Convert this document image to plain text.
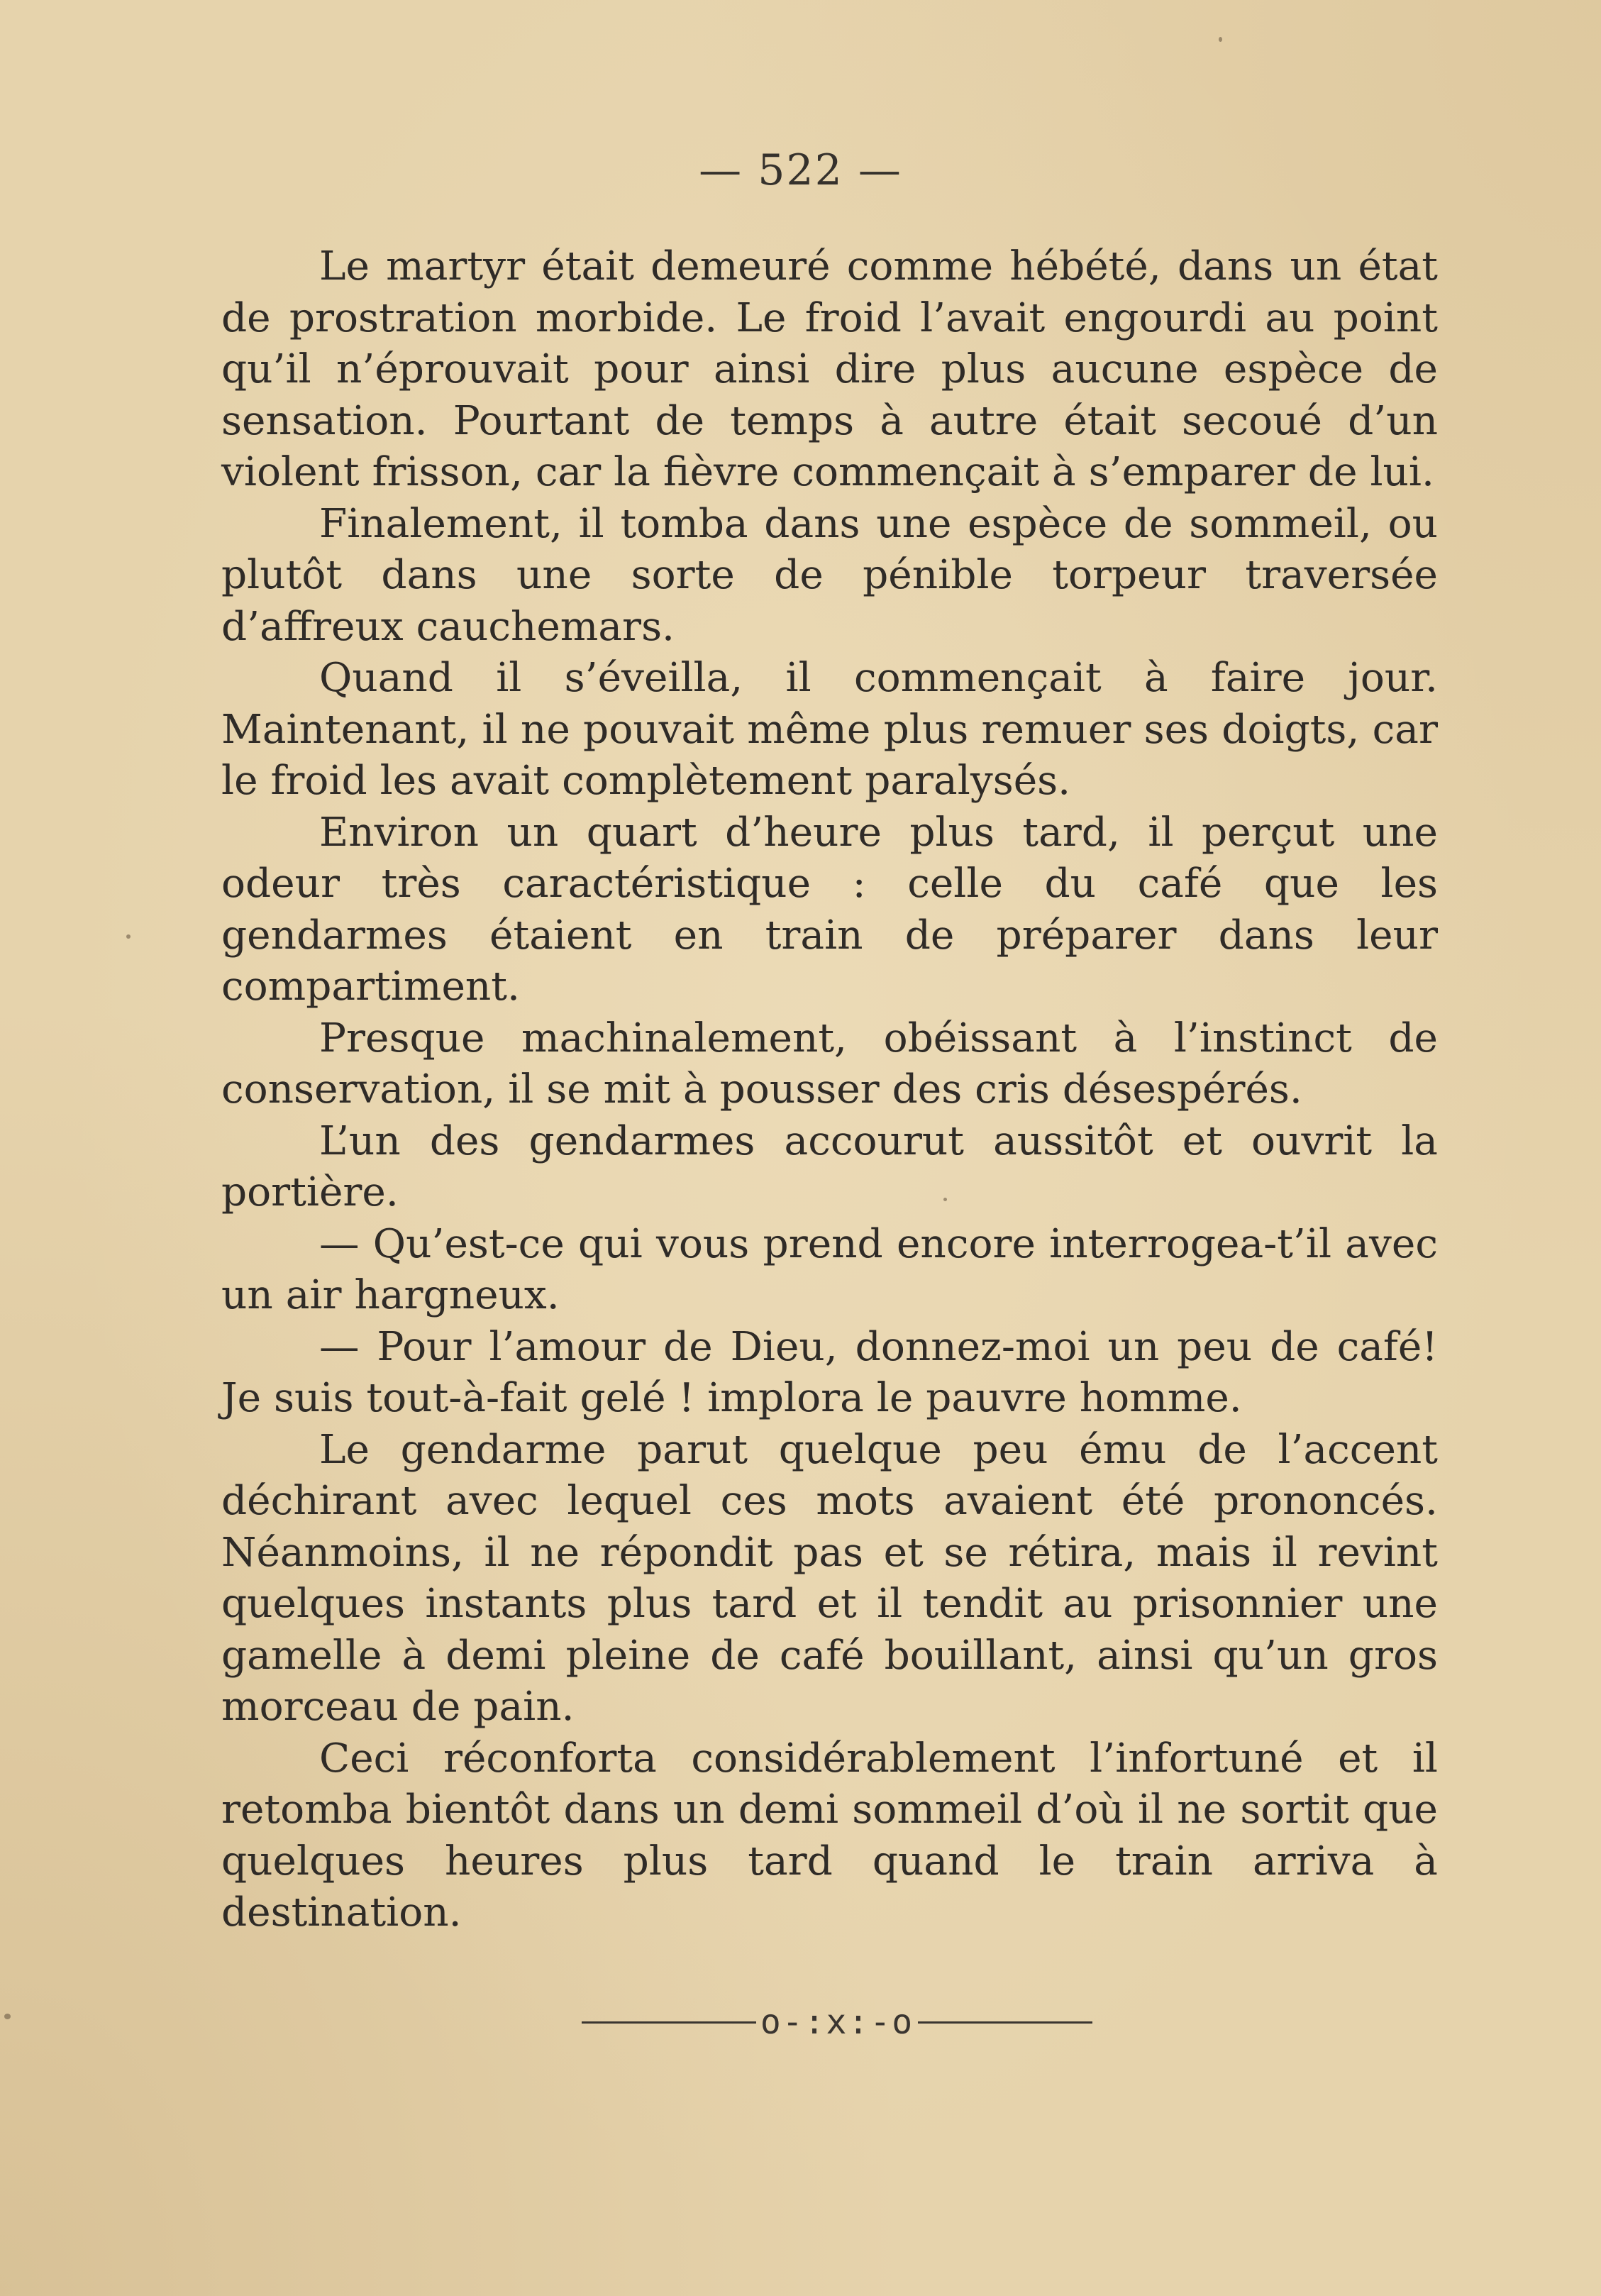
— 522 —

Le martyr était demeuré comme hébété, dans un état de prostration morbide. Le froid l’avait engourdi au point qu’il n’éprouvait pour ainsi dire plus aucune espèce de sensation. Pourtant de temps à autre était secoué d’un violent frisson, car la fièvre commençait à s’emparer de lui.

Finalement, il tomba dans une espèce de sommeil, ou plutôt dans une sorte de pénible torpeur traversée d’affreux cauchemars.

Quand il s’éveilla, il commençait à faire jour. Maintenant, il ne pouvait même plus remuer ses doigts, car le froid les avait complètement paralysés.

Environ un quart d’heure plus tard, il perçut une odeur très caractéristique : celle du café que les gendarmes étaient en train de préparer dans leur compartiment.

Presque machinalement, obéissant à l’instinct de conservation, il se mit à pousser des cris désespérés.

L’un des gendarmes accourut aussitôt et ouvrit la portière.

— Qu’est-ce qui vous prend encore interrogea-t’il avec un air hargneux.

— Pour l’amour de Dieu, donnez-moi un peu de café! Je suis tout-à-fait gelé ! implora le pauvre homme.

Le gendarme parut quelque peu ému de l’accent déchirant avec lequel ces mots avaient été prononcés. Néanmoins, il ne répondit pas et se rétira, mais il revint quelques instants plus tard et il tendit au prisonnier une gamelle à demi pleine de café bouillant, ainsi qu’un gros morceau de pain.

Ceci réconforta considérablement l’infortuné et il retomba bientôt dans un demi sommeil d’où il ne sortit que quelques heures plus tard quand le train arriva à destination.

o-:x:-o
